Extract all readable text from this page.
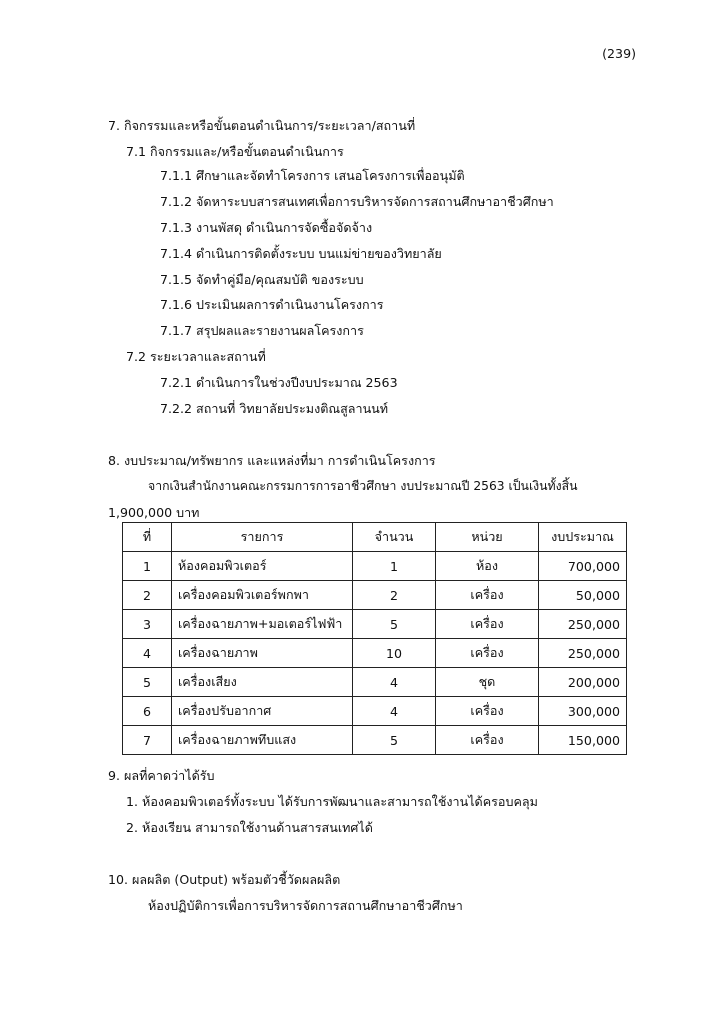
(239)
7. กิจกรรมและหรือขั้นตอนดำเนินการ/ระยะเวลา/สถานที่
7.1 กิจกรรมและ/หรือขั้นตอนดำเนินการ
7.1.1 ศึกษาและจัดทำโครงการ เสนอโครงการเพื่ออนุมัติ
7.1.2 จัดหาระบบสารสนเทศเพื่อการบริหารจัดการสถานศึกษาอาชีวศึกษา
7.1.3 งานพัสดุ ดำเนินการจัดซื้อจัดจ้าง
7.1.4 ดำเนินการติดตั้งระบบ บนแม่ข่ายของวิทยาลัย
7.1.5 จัดทำคู่มือ/คุณสมบัติ ของระบบ
7.1.6 ประเมินผลการดำเนินงานโครงการ
7.1.7 สรุปผลและรายงานผลโครงการ
7.2 ระยะเวลาและสถานที่
7.2.1 ดำเนินการในช่วงปีงบประมาณ 2563
7.2.2 สถานที่ วิทยาลัยประมงติณสูลานนท์
8. งบประมาณ/ทรัพยากร และแหล่งที่มา การดำเนินโครงการ
จากเงินสำนักงานคณะกรรมการการอาชีวศึกษา งบประมาณปี 2563 เป็นเงินทั้งสิ้น
1,900,000 บาท
ที่	รายการ	จำนวน	หน่วย	งบประมาณ
1	ห้องคอมพิวเตอร์	1	ห้อง	700,000
2	เครื่องคอมพิวเตอร์พกพา	2	เครื่อง	50,000
3	เครื่องฉายภาพ+มอเตอร์ไฟฟ้า	5	เครื่อง	250,000
4	เครื่องฉายภาพ	10	เครื่อง	250,000
5	เครื่องเสียง	4	ชุด	200,000
6	เครื่องปรับอากาศ	4	เครื่อง	300,000
7	เครื่องฉายภาพทึบแสง	5	เครื่อง	150,000
9. ผลที่คาดว่าได้รับ
1. ห้องคอมพิวเตอร์ทั้งระบบ ได้รับการพัฒนาและสามารถใช้งานได้ครอบคลุม
2. ห้องเรียน สามารถใช้งานด้านสารสนเทศได้
10. ผลผลิต (Output) พร้อมตัวชี้วัดผลผลิต
ห้องปฏิบัติการเพื่อการบริหารจัดการสถานศึกษาอาชีวศึกษา
